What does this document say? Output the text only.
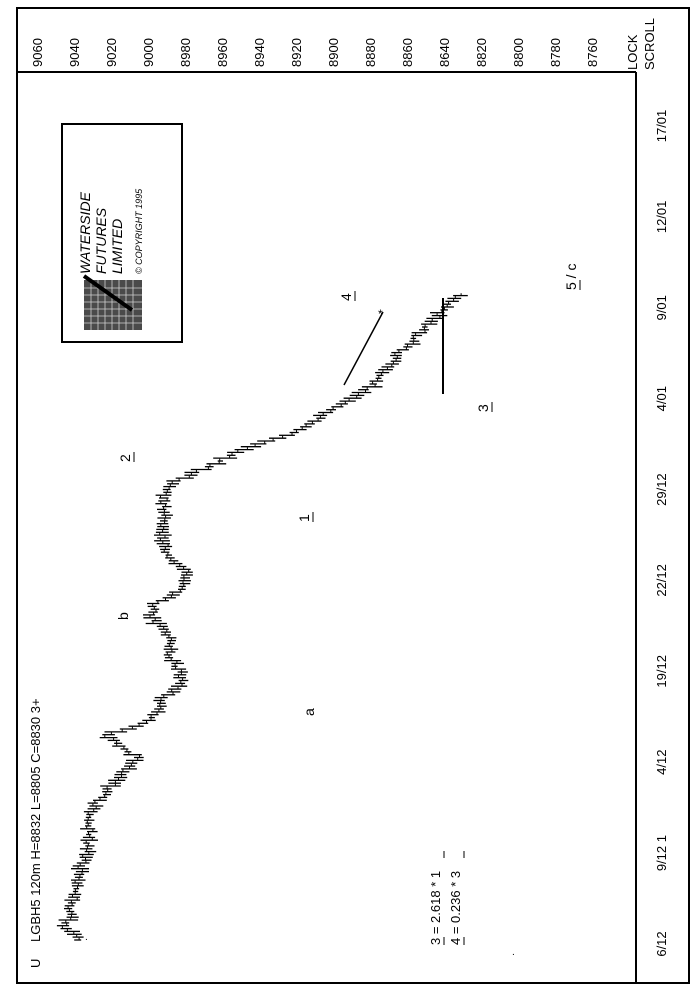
9060 9040 9020 9000 8980 8960 8940 8920 8900 8880 8860 8640 8820 8800 8780 8760 LOCK SCROLL
6/12
9/12 1
4/12
19/12
22/12
29/12
4/01
9/01
12/01
17/01
U
LGBH5 120m H=8832 L=8805 C=8830 3+
WATERSIDE FUTURES LIMITED © COPYRIGHT 1995
3 = 2.618 * 1 4 = 0.236 * 3
a
b
1
2
3
4
5 / c
*
.
.
